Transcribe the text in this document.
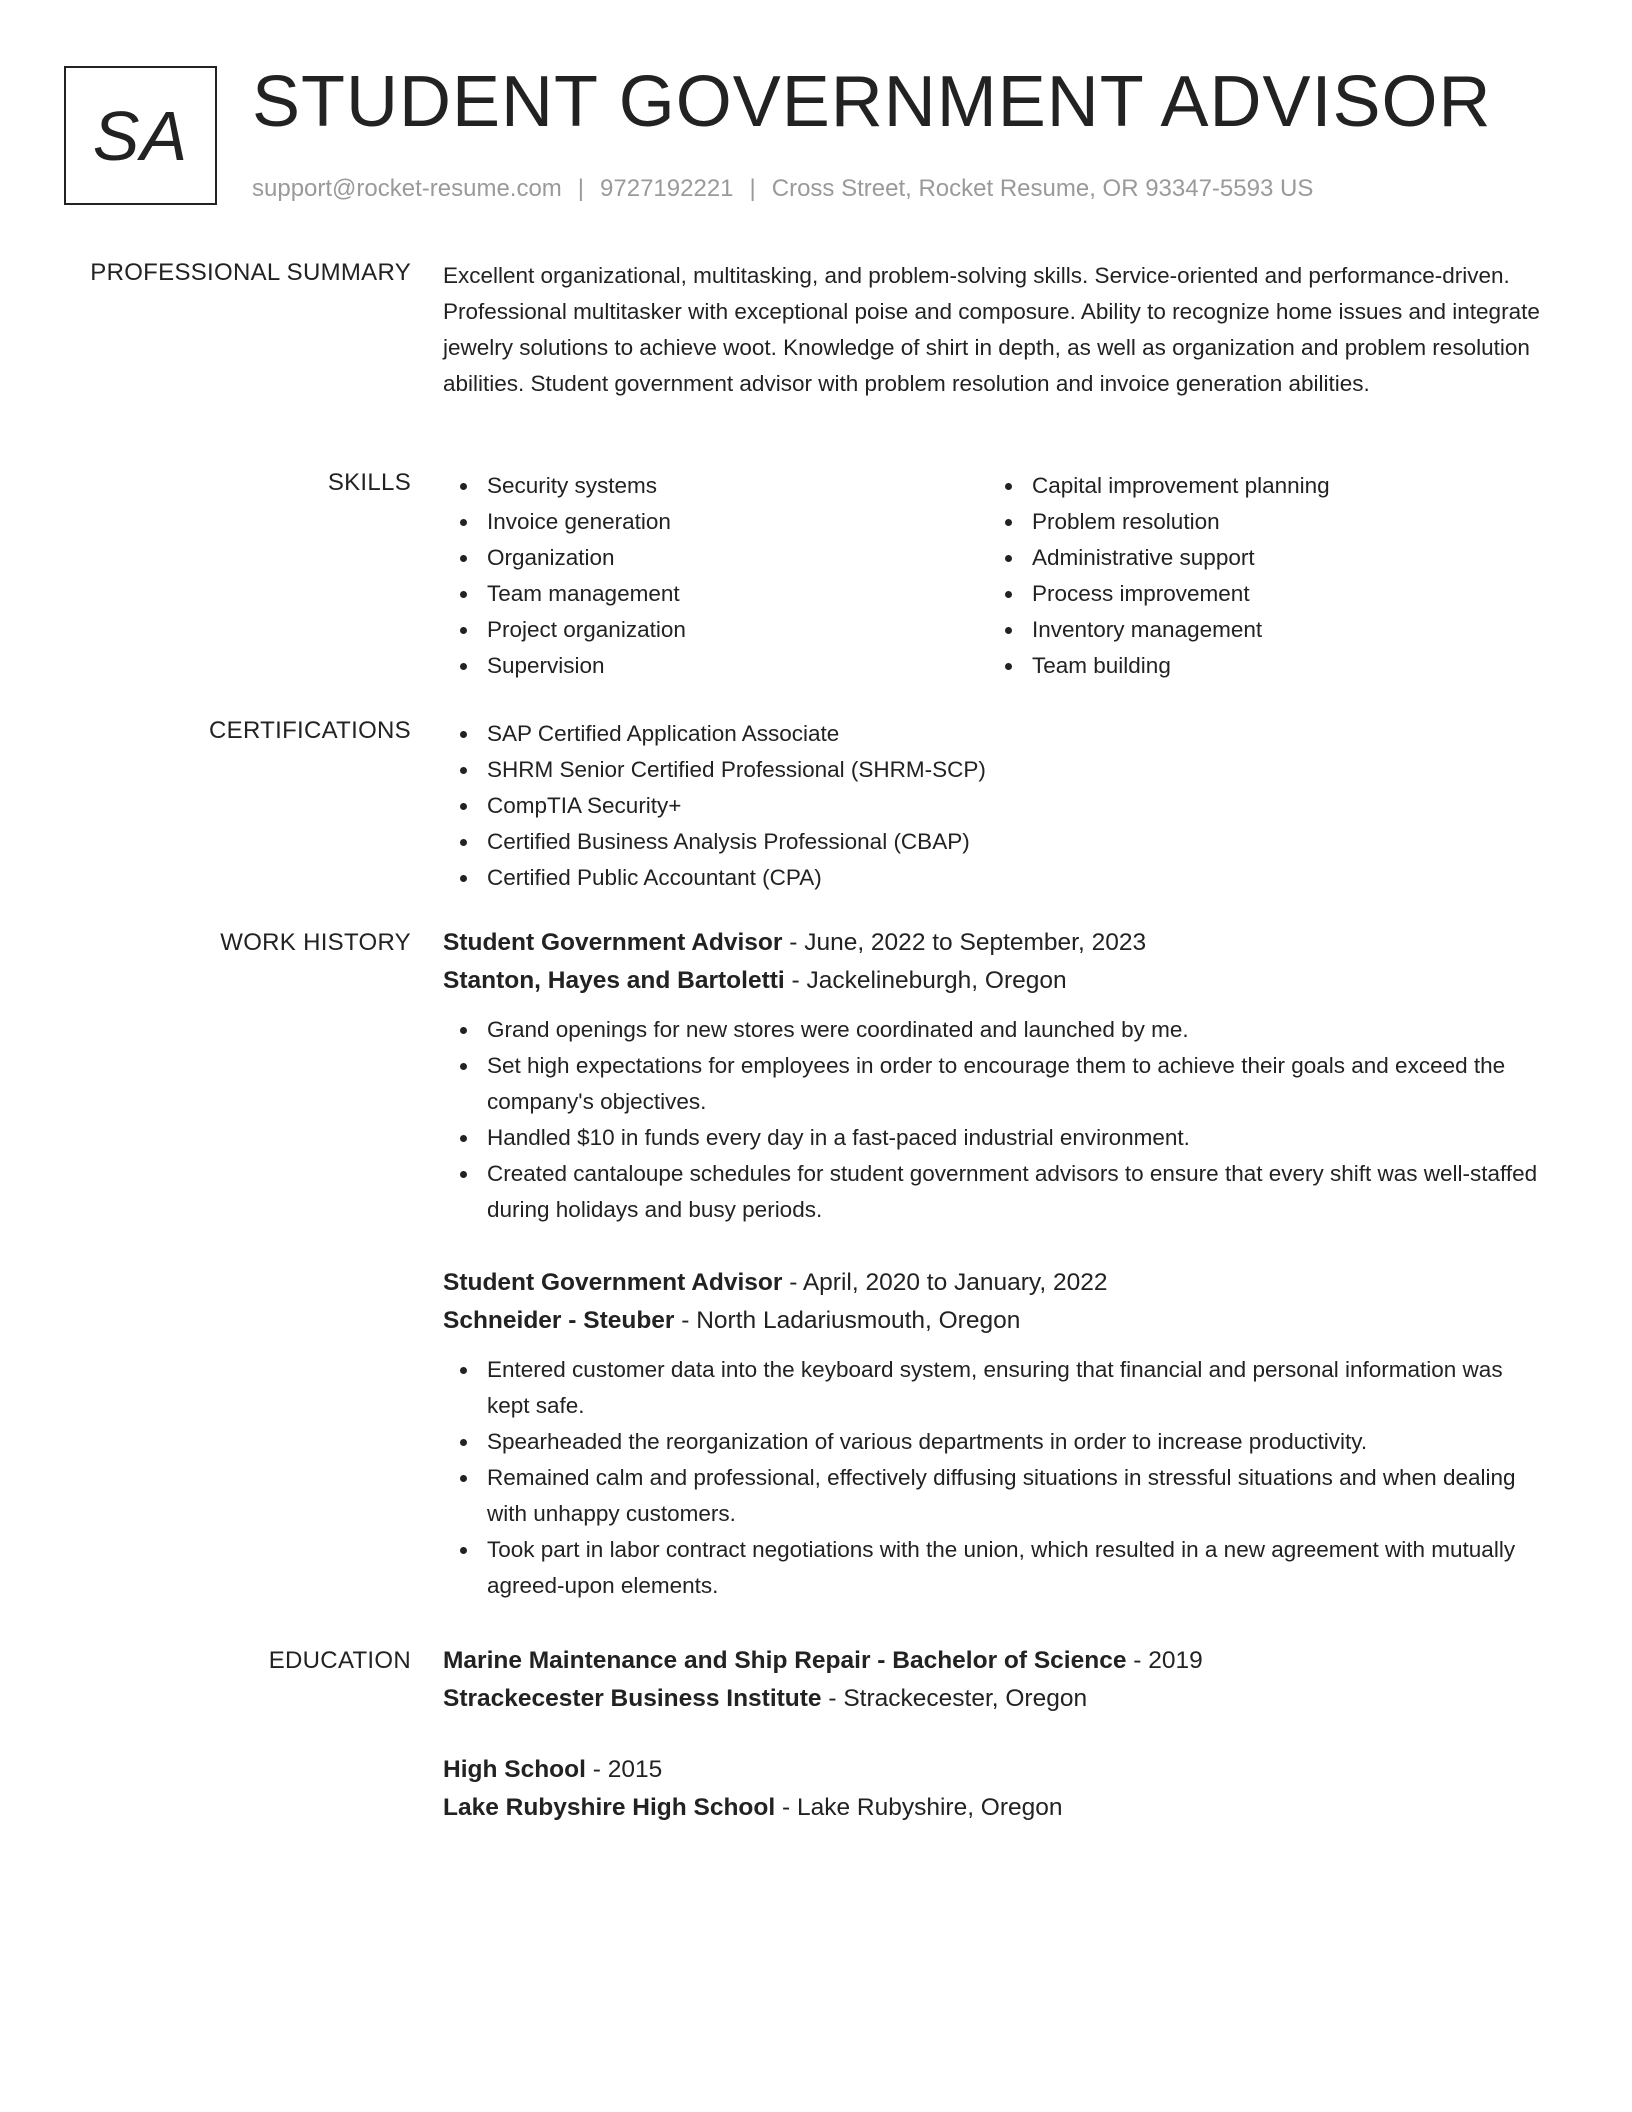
SA STUDENT GOVERNMENT ADVISOR
support@rocket-resume.com | 9727192221 | Cross Street, Rocket Resume, OR 93347-5593 US
PROFESSIONAL SUMMARY Excellent organizational, multitasking, and problem-solving skills. Service-oriented and performance-driven. Professional multitasker with exceptional poise and composure. Ability to recognize home issues and integrate jewelry solutions to achieve woot. Knowledge of shirt in depth, as well as organization and problem resolution abilities. Student government advisor with problem resolution and invoice generation abilities.

SKILLS	Security systems
Invoice generation
Organization
Team management
Project organization
Supervision
Capital improvement planning
Problem resolution
Administrative support
Process improvement
Inventory management
Team building
CERTIFICATIONS	SAP Certified Application Associate
SHRM Senior Certified Professional (SHRM-SCP)
CompTIA Security+
Certified Business Analysis Professional (CBAP)
Certified Public Accountant (CPA)
WORK HISTORY Student Government Advisor - June, 2022 to September, 2023
Stanton, Hayes and Bartoletti - Jackelineburgh, Oregon
Grand openings for new stores were coordinated and launched by me.
Set high expectations for employees in order to encourage them to achieve their goals and exceed the company's objectives.
Handled $10 in funds every day in a fast-paced industrial environment.
Created cantaloupe schedules for student government advisors to ensure that every shift was well-staffed during holidays and busy periods.
Student Government Advisor - April, 2020 to January, 2022
Schneider - Steuber - North Ladariusmouth, Oregon
Entered customer data into the keyboard system, ensuring that financial and personal information was kept safe.
Spearheaded the reorganization of various departments in order to increase productivity.
Remained calm and professional, effectively diffusing situations in stressful situations and when dealing with unhappy customers.
Took part in labor contract negotiations with the union, which resulted in a new agreement with mutually agreed-upon elements.
EDUCATION Marine Maintenance and Ship Repair - Bachelor of Science - 2019
Strackecester Business Institute - Strackecester, Oregon
High School - 2015
Lake Rubyshire High School - Lake Rubyshire, Oregon
